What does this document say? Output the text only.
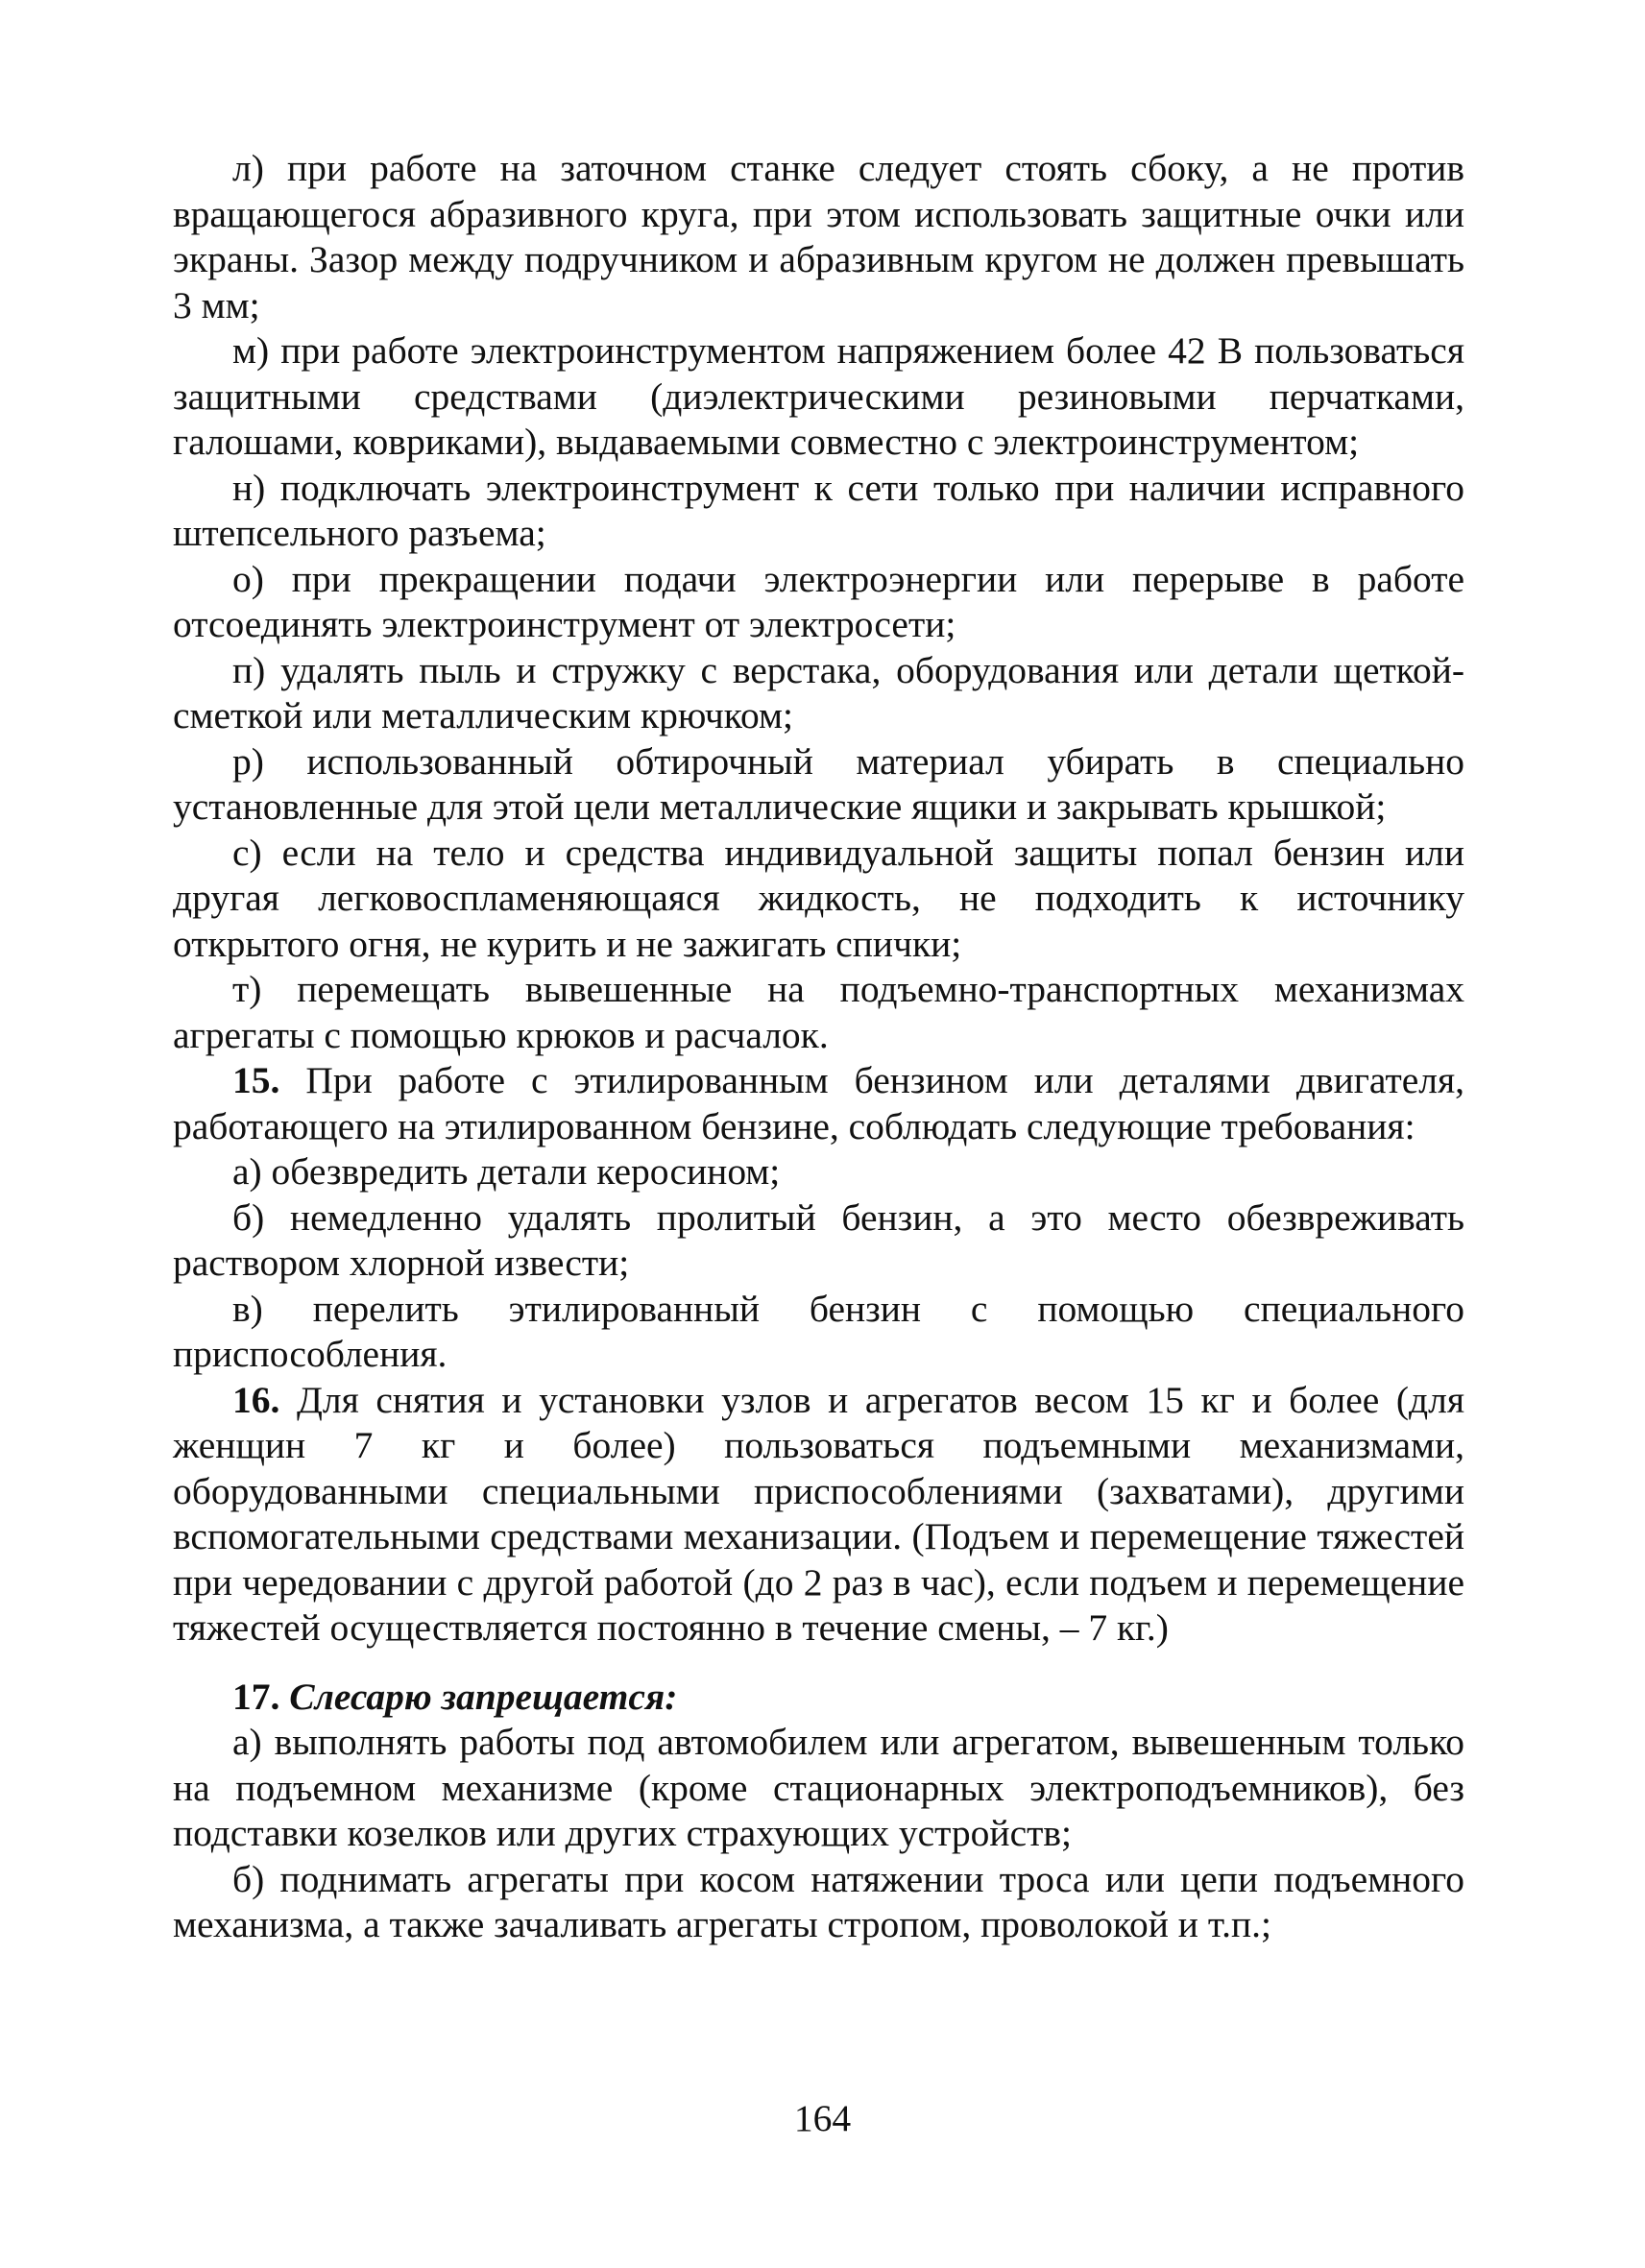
л) при работе на заточном станке следует стоять сбоку, а не против вращающегося абразивного круга, при этом использовать защитные очки или экраны. Зазор между подручником и абразивным кругом не должен превышать 3 мм;

м) при работе электроинструментом напряжением более 42 В пользоваться защитными средствами (диэлектрическими резиновыми перчатками, галошами, ковриками), выдаваемыми совместно с электроинструментом;

н) подключать электроинструмент к сети только при наличии исправного штепсельного разъема;

о) при прекращении подачи электроэнергии или перерыве в работе отсоединять электроинструмент от электросети;

п) удалять пыль и стружку с верстака, оборудования или детали щеткой-сметкой или металлическим крючком;

р) использованный обтирочный материал убирать в специально установленные для этой цели металлические ящики и закрывать крышкой;

с) если на тело и средства индивидуальной защиты попал бензин или другая легковоспламеняющаяся жидкость, не подходить к источнику открытого огня, не курить и не зажигать спички;

т) перемещать вывешенные на подъемно-транспортных механизмах агрегаты с помощью крюков и расчалок.

15. При работе с этилированным бензином или деталями двигателя, работающего на этилированном бензине, соблюдать следующие требования:

а) обезвредить детали керосином;

б) немедленно удалять пролитый бензин, а это место обезвреживать раствором хлорной извести;

в) перелить этилированный бензин с помощью специального приспособления.

16. Для снятия и установки узлов и агрегатов весом 15 кг и более (для женщин 7 кг и более) пользоваться подъемными механизмами, оборудованными специальными приспособлениями (захватами), другими вспомогательными средствами механизации. (Подъем и перемещение тяжестей при чередовании с другой работой (до 2 раз в час), если подъем и перемещение тяжестей осуществляется постоянно в течение смены, – 7 кг.)

17. Слесарю запрещается:

а) выполнять работы под автомобилем или агрегатом, вывешенным только на подъемном механизме (кроме стационарных электроподъемников), без подставки козелков или других страхующих устройств;

б) поднимать агрегаты при косом натяжении троса или цепи подъемного механизма, а также зачаливать агрегаты стропом, проволокой и т.п.;

164
